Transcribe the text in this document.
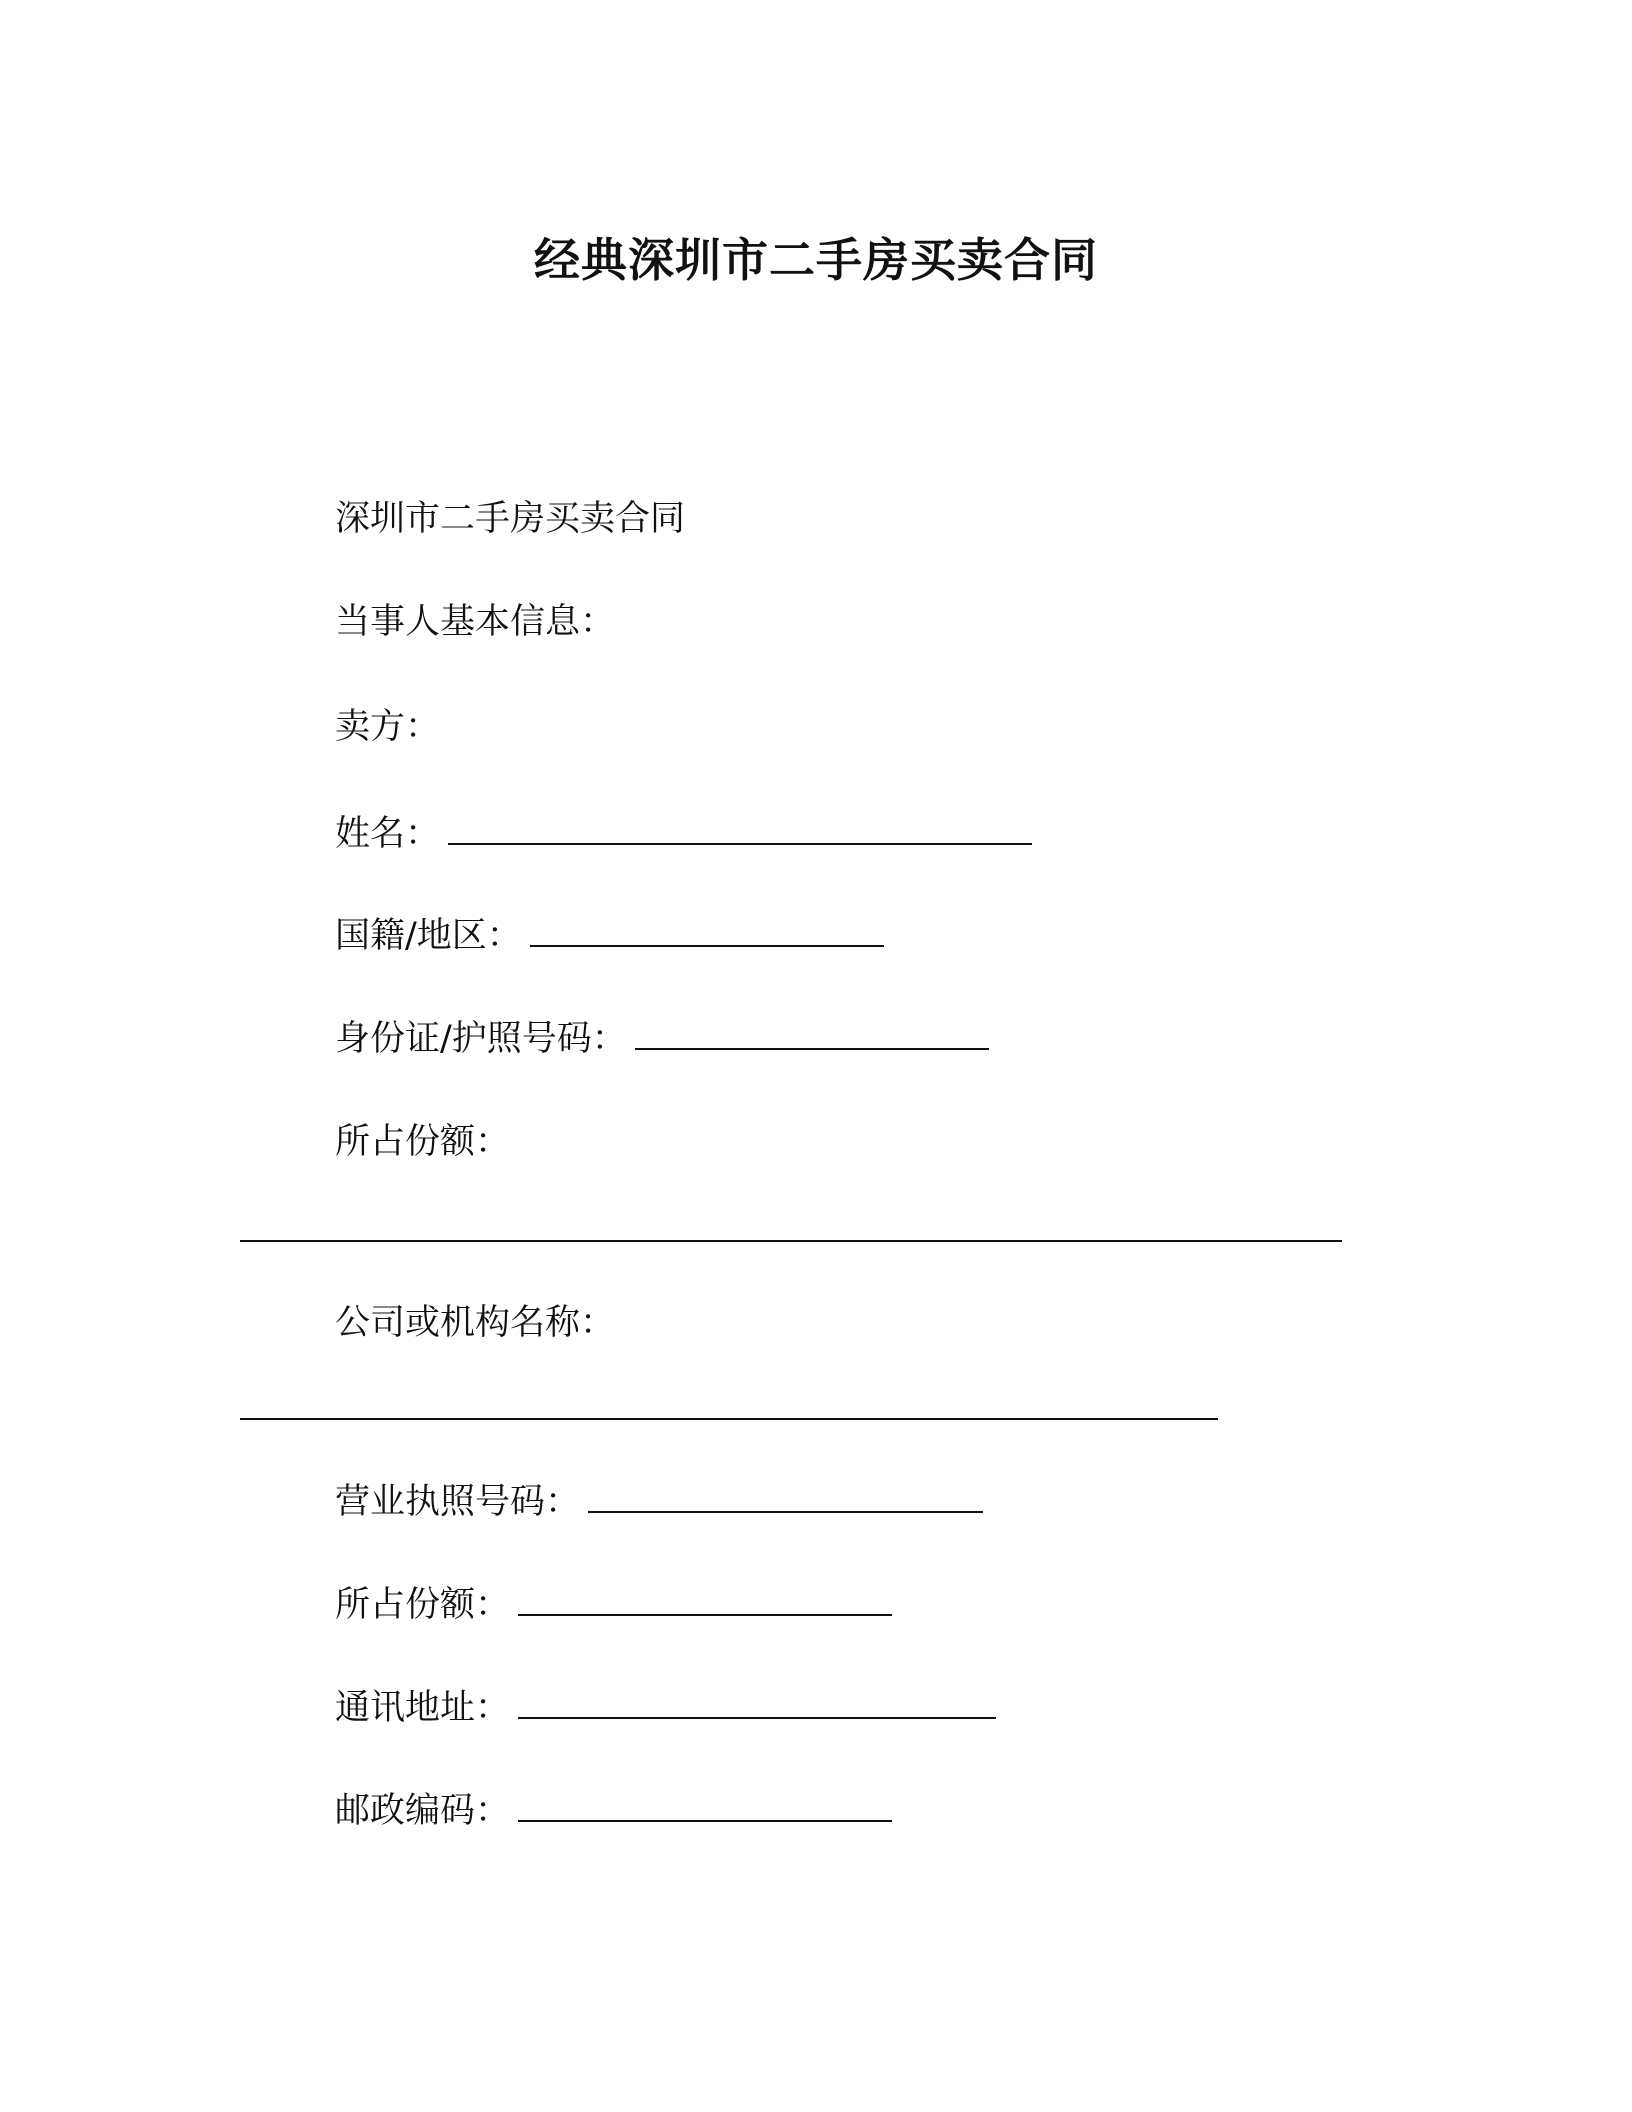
经典深圳市二手房买卖合同
深圳市二手房买卖合同
当事人基本信息：
卖方：
姓名：
国籍/地区：
身份证/护照号码：
所占份额：
公司或机构名称：
营业执照号码：
所占份额：
通讯地址：
邮政编码：
